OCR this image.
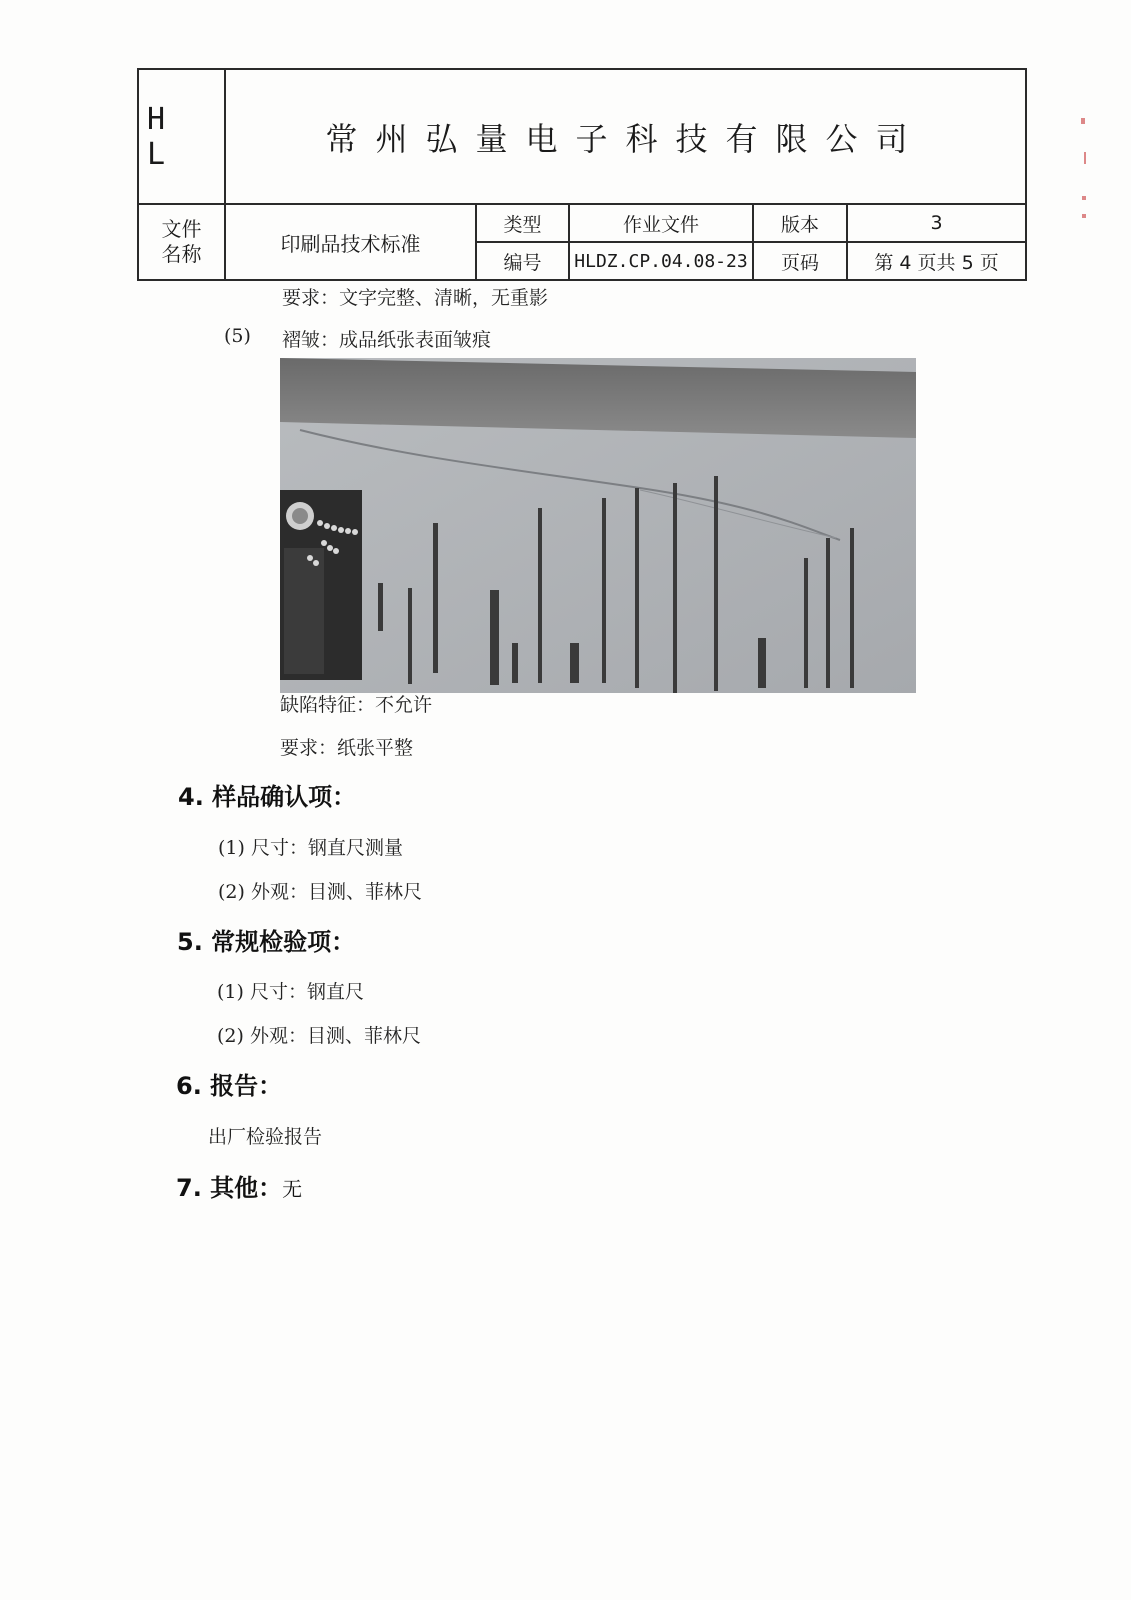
H L	常州弘量电子科技有限公司				
文件
名称	印刷品技术标准	类型	作业文件	版本	3
		编号	HLDZ.CP.04.08-23	页码	第 4 页共 5 页
要求：文字完整、清晰，无重影
(5) 褶皱：成品纸张表面皱痕
缺陷特征：不允许
要求：纸张平整
4. 样品确认项：
(1) 尺寸：钢直尺测量
(2) 外观：目测、菲林尺
5. 常规检验项：
(1) 尺寸：钢直尺
(2) 外观：目测、菲林尺
6. 报告：
出厂检验报告
7. 其他：无
